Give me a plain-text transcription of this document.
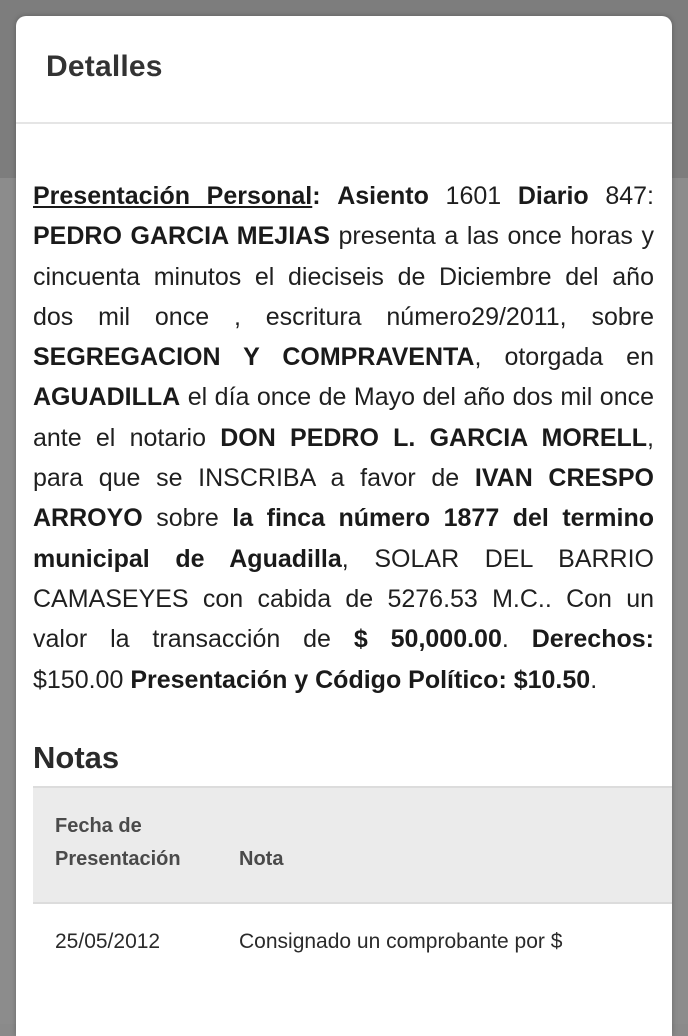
Detalles

Presentación Personal: Asiento 1601 Diario 847: PEDRO GARCIA MEJIAS presenta a las once horas y cincuenta minutos el dieciseis de Diciembre del año dos mil once , escritura número29/2011, sobre SEGREGACION Y COMPRAVENTA, otorgada en AGUADILLA el día once de Mayo del año dos mil once ante el notario DON PEDRO L. GARCIA MORELL, para que se INSCRIBA a favor de IVAN CRESPO ARROYO sobre la finca número 1877 del termino municipal de Aguadilla, SOLAR DEL BARRIO CAMASEYES con cabida de 5276.53 M.C.. Con un valor la transacción de $ 50,000.00. Derechos: $150.00 Presentación y Código Político: $10.50.

Notas
Fecha de Presentación	Nota
25/05/2012	Consignado un comprobante por $
